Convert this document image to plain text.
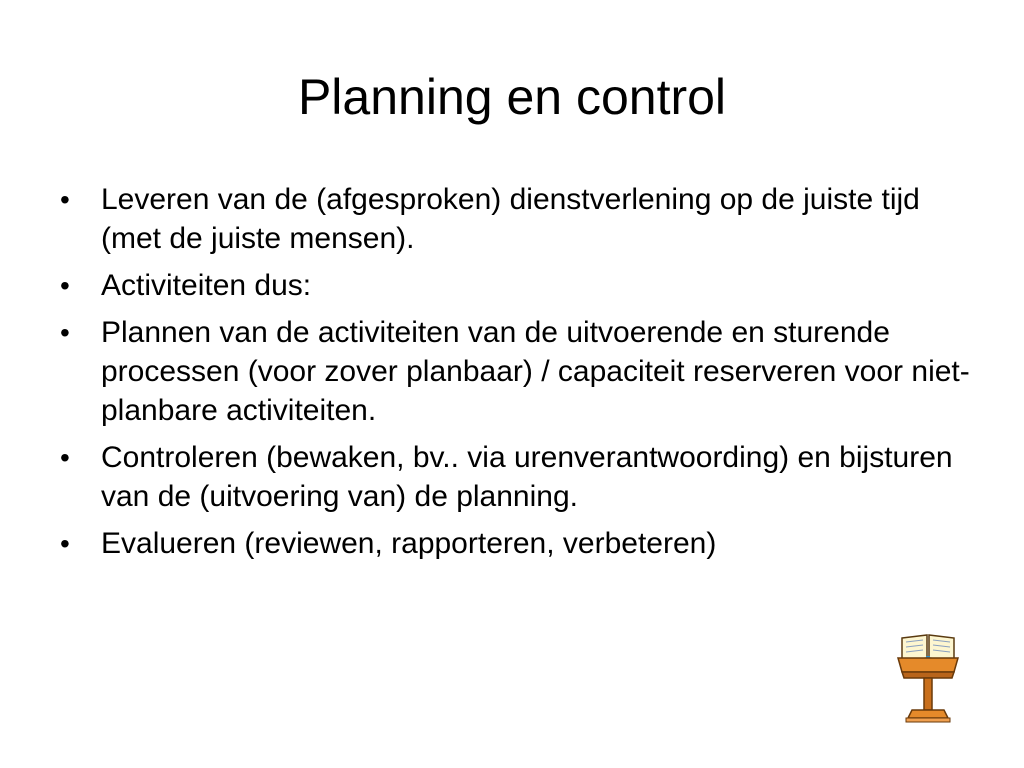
Planning en control
• Leveren van de (afgesproken) dienstverlening op de juiste tijd (met de juiste mensen).
• Activiteiten dus:
• Plannen van de activiteiten van de uitvoerende en sturende processen (voor zover planbaar) / capaciteit reserveren voor niet-planbare activiteiten.
• Controleren (bewaken, bv.. via urenverantwoording) en bijsturen van de (uitvoering van) de planning.
• Evalueren (reviewen, rapporteren, verbeteren)
